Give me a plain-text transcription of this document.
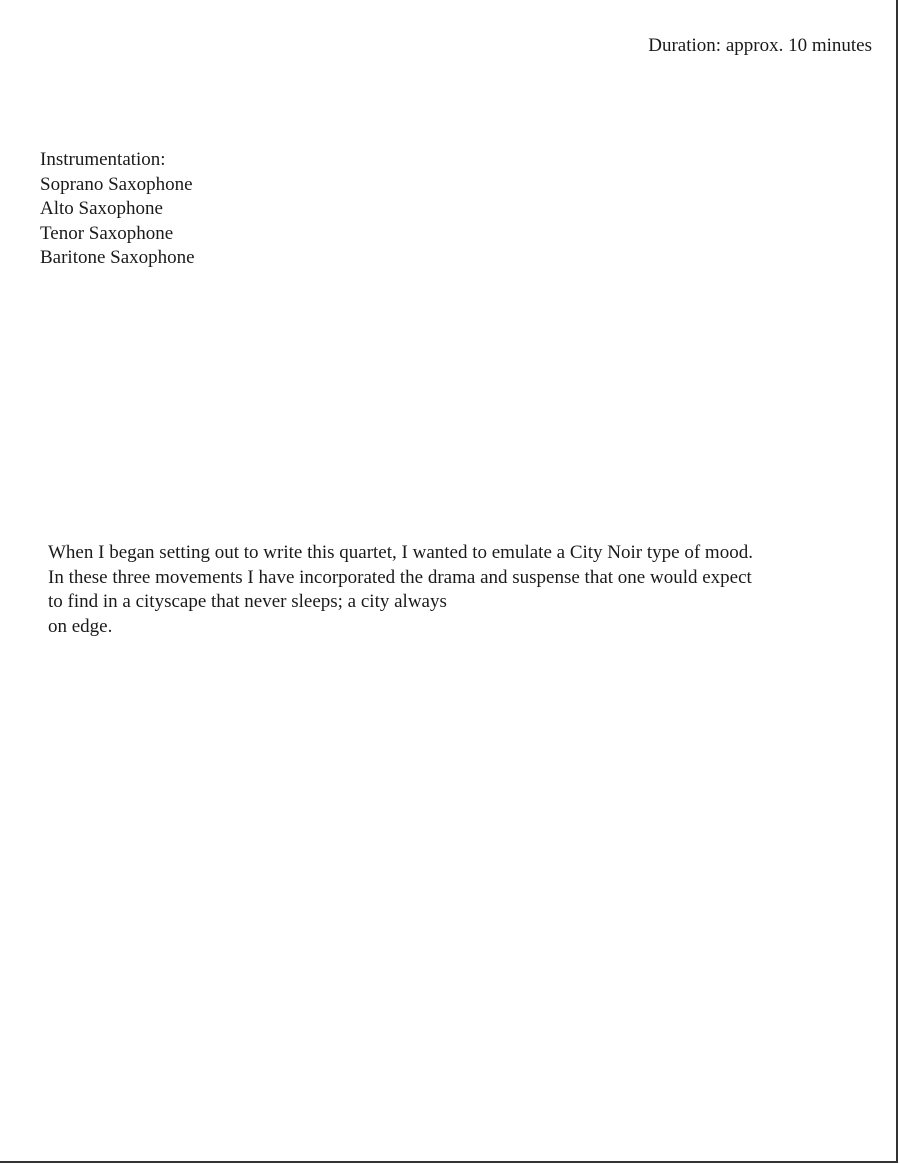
Duration: approx. 10 minutes
Instrumentation:
Soprano Saxophone
Alto Saxophone
Tenor Saxophone
Baritone Saxophone
When I began setting out to write this quartet, I wanted to emulate a City Noir type of mood.
In these three movements I have incorporated the drama and suspense that one would expect
to find in a cityscape that never sleeps; a city always
on edge.
